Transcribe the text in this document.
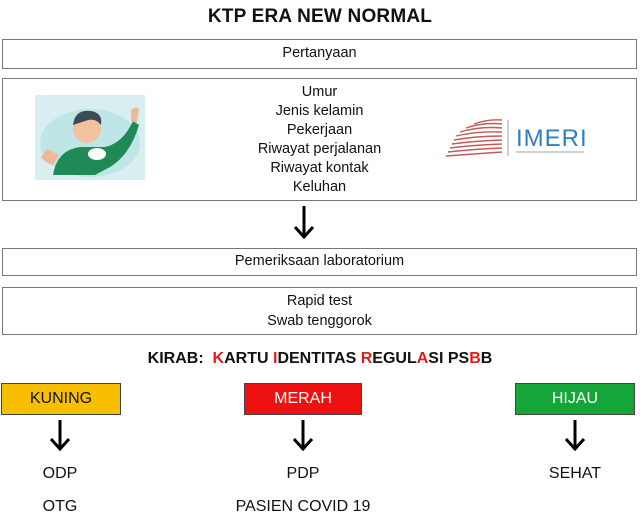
KTP ERA NEW NORMAL
Pertanyaan
Umur
Jenis kelamin
Pekerjaan
Riwayat perjalanan
Riwayat kontak
Keluhan
IMERI
Pemeriksaan laboratorium
Rapid test
Swab tenggorok
KIRAB: KARTU IDENTITAS REGULASI PSBB
KUNING	MERAH	HIJAU
ODP
OTG
PDP
PASIEN COVID 19
SEHAT
